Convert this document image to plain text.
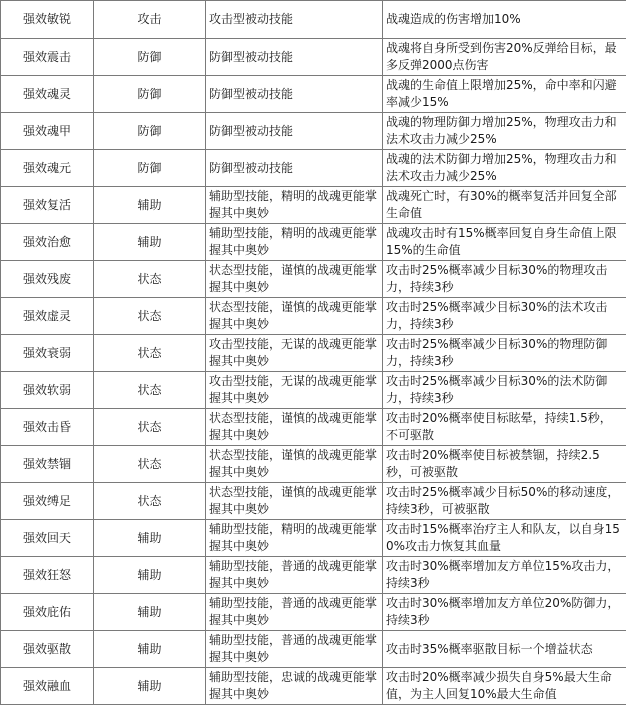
强效敏锐	攻击	攻击型被动技能	战魂造成的伤害增加10%
强效震击	防御	防御型被动技能	战魂将自身所受到伤害20%反弹给目标，最多反弹2000点伤害
强效魂灵	防御	防御型被动技能	战魂的生命值上限增加25%，命中率和闪避率减少15%
强效魂甲	防御	防御型被动技能	战魂的物理防御力增加25%，物理攻击力和法术攻击力减少25%
强效魂元	防御	防御型被动技能	战魂的法术防御力增加25%，物理攻击力和法术攻击力减少25%
强效复活	辅助	辅助型技能，精明的战魂更能掌握其中奥妙	战魂死亡时，有30%的概率复活并回复全部生命值
强效治愈	辅助	辅助型技能，精明的战魂更能掌握其中奥妙	战魂攻击时有15%概率回复自身生命值上限15%的生命值
强效残废	状态	状态型技能，谨慎的战魂更能掌握其中奥妙	攻击时25%概率减少目标30%的物理攻击力，持续3秒
强效虚灵	状态	状态型技能，谨慎的战魂更能掌握其中奥妙	攻击时25%概率减少目标30%的法术攻击力，持续3秒
强效衰弱	状态	攻击型技能，无谋的战魂更能掌握其中奥妙	攻击时25%概率减少目标30%的物理防御力，持续3秒
强效软弱	状态	攻击型技能，无谋的战魂更能掌握其中奥妙	攻击时25%概率减少目标30%的法术防御力，持续3秒
强效击昏	状态	状态型技能，谨慎的战魂更能掌握其中奥妙	攻击时20%概率使目标眩晕，持续1.5秒，不可驱散
强效禁锢	状态	状态型技能，谨慎的战魂更能掌握其中奥妙	攻击时20%概率使目标被禁锢，持续2.5秒，可被驱散
强效缚足	状态	状态型技能，谨慎的战魂更能掌握其中奥妙	攻击时25%概率减少目标50%的移动速度，持续3秒，可被驱散
强效回天	辅助	辅助型技能，精明的战魂更能掌握其中奥妙	攻击时15%概率治疗主人和队友，以自身150%攻击力恢复其血量
强效狂怒	辅助	辅助型技能，普通的战魂更能掌握其中奥妙	攻击时30%概率增加友方单位15%攻击力，持续3秒
强效庇佑	辅助	辅助型技能，普通的战魂更能掌握其中奥妙	攻击时30%概率增加友方单位20%防御力，持续3秒
强效驱散	辅助	辅助型技能，普通的战魂更能掌握其中奥妙	攻击时35%概率驱散目标一个增益状态
强效融血	辅助	辅助型技能，忠诚的战魂更能掌握其中奥妙	攻击时20%概率减少损失自身5%最大生命值，为主人回复10%最大生命值
